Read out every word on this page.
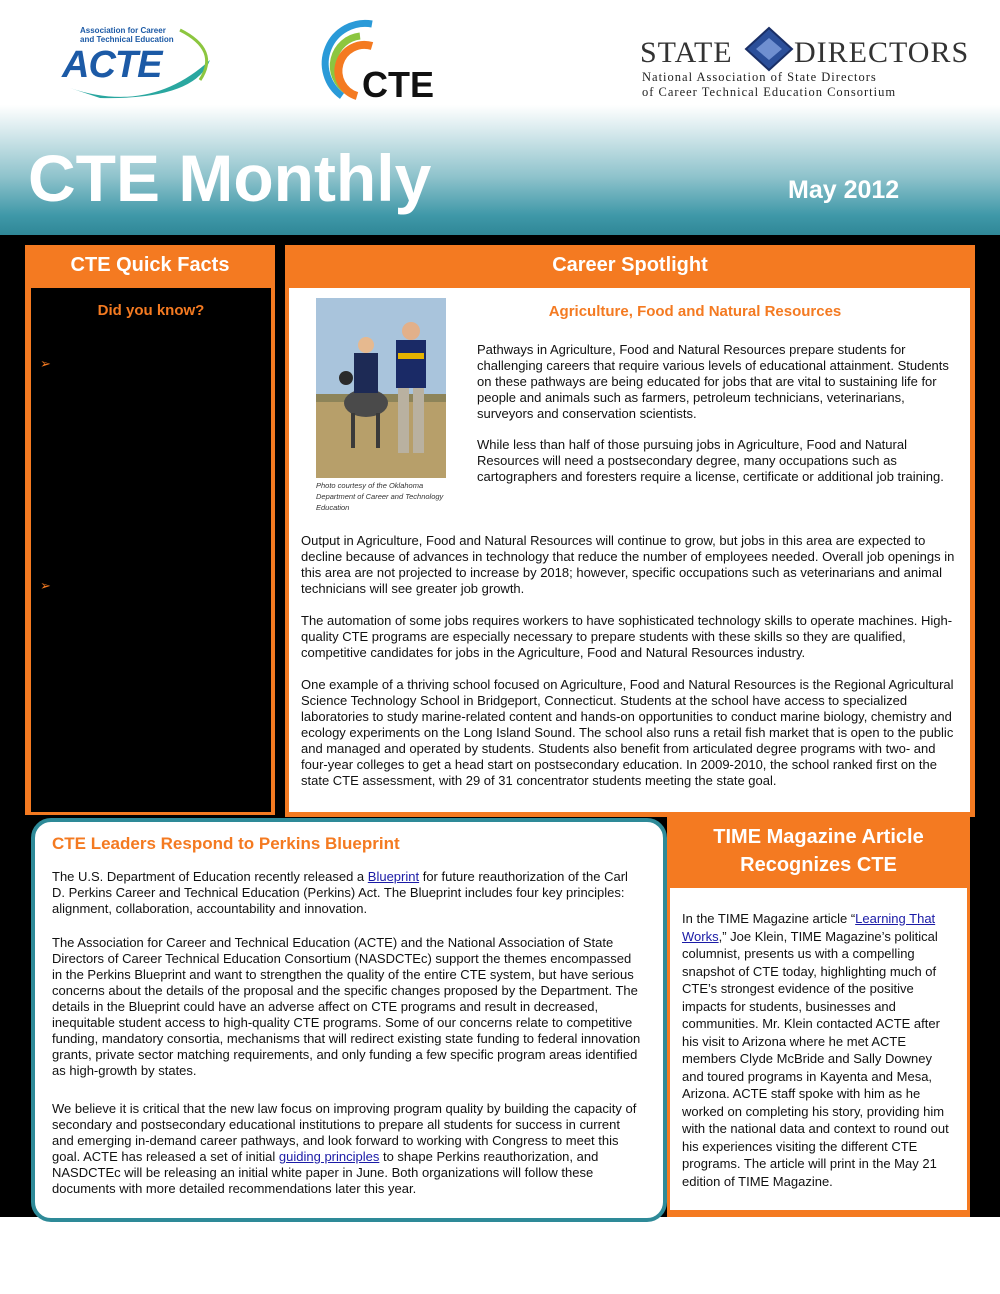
Association for Career
and Technical Education
ACTE	CTE
STATE DIRECTORS
National Association of State Directors
of Career Technical Education Consortium
CTE Monthly	May 2012
CTE Quick Facts
Did you know?
➢
➢
Career Spotlight
Photo courtesy of the Oklahoma Department of Career and Technology Education
Agriculture, Food and Natural Resources
Pathways in Agriculture, Food and Natural Resources prepare students for challenging careers that require various levels of educational attainment. Students on these pathways are being educated for jobs that are vital to sustaining life for people and animals such as farmers, petroleum technicians, veterinarians, surveyors and conservation scientists.
While less than half of those pursuing jobs in Agriculture, Food and Natural Resources will need a postsecondary degree, many occupations such as cartographers and foresters require a license, certificate or additional job training.
Output in Agriculture, Food and Natural Resources will continue to grow, but jobs in this area are expected to decline because of advances in technology that reduce the number of employees needed. Overall job openings in this area are not projected to increase by 2018; however, specific occupations such as veterinarians and animal technicians will see greater job growth.
The automation of some jobs requires workers to have sophisticated technology skills to operate machines. High-quality CTE programs are especially necessary to prepare students with these skills so they are qualified, competitive candidates for jobs in the Agriculture, Food and Natural Resources industry.
One example of a thriving school focused on Agriculture, Food and Natural Resources is the Regional Agricultural Science Technology School in Bridgeport, Connecticut. Students at the school have access to specialized laboratories to study marine-related content and hands-on opportunities to conduct marine biology, chemistry and ecology experiments on the Long Island Sound. The school also runs a retail fish market that is open to the public and managed and operated by students. Students also benefit from articulated degree programs with two- and four-year colleges to get a head start on postsecondary education. In 2009-2010, the school ranked first on the state CTE assessment, with 29 of 31 concentrator students meeting the state goal.
CTE Leaders Respond to Perkins Blueprint
The U.S. Department of Education recently released a Blueprint for future reauthorization of the Carl D. Perkins Career and Technical Education (Perkins) Act. The Blueprint includes four key principles: alignment, collaboration, accountability and innovation.
The Association for Career and Technical Education (ACTE) and the National Association of State Directors of Career Technical Education Consortium (NASDCTEc) support the themes encompassed in the Perkins Blueprint and want to strengthen the quality of the entire CTE system, but have serious concerns about the details of the proposal and the specific changes proposed by the Department. The details in the Blueprint could have an adverse affect on CTE programs and result in decreased, inequitable student access to high-quality CTE programs. Some of our concerns relate to competitive funding, mandatory consortia, mechanisms that will redirect existing state funding to federal innovation grants, private sector matching requirements, and only funding a few specific program areas identified as high-growth by states.
We believe it is critical that the new law focus on improving program quality by building the capacity of secondary and postsecondary educational institutions to prepare all students for success in current and emerging in-demand career pathways, and look forward to working with Congress to meet this goal. ACTE has released a set of initial guiding principles to shape Perkins reauthorization, and NASDCTEc will be releasing an initial white paper in June. Both organizations will follow these documents with more detailed recommendations later this year.
TIME Magazine Article
Recognizes CTE
In the TIME Magazine article “Learning That Works,” Joe Klein, TIME Magazine’s political columnist, presents us with a compelling snapshot of CTE today, highlighting much of CTE’s strongest evidence of the positive impacts for students, businesses and communities. Mr. Klein contacted ACTE after his visit to Arizona where he met ACTE members Clyde McBride and Sally Downey and toured programs in Kayenta and Mesa, Arizona. ACTE staff spoke with him as he worked on completing his story, providing him with the national data and context to round out his experiences visiting the different CTE programs. The article will print in the May 21 edition of TIME Magazine.
